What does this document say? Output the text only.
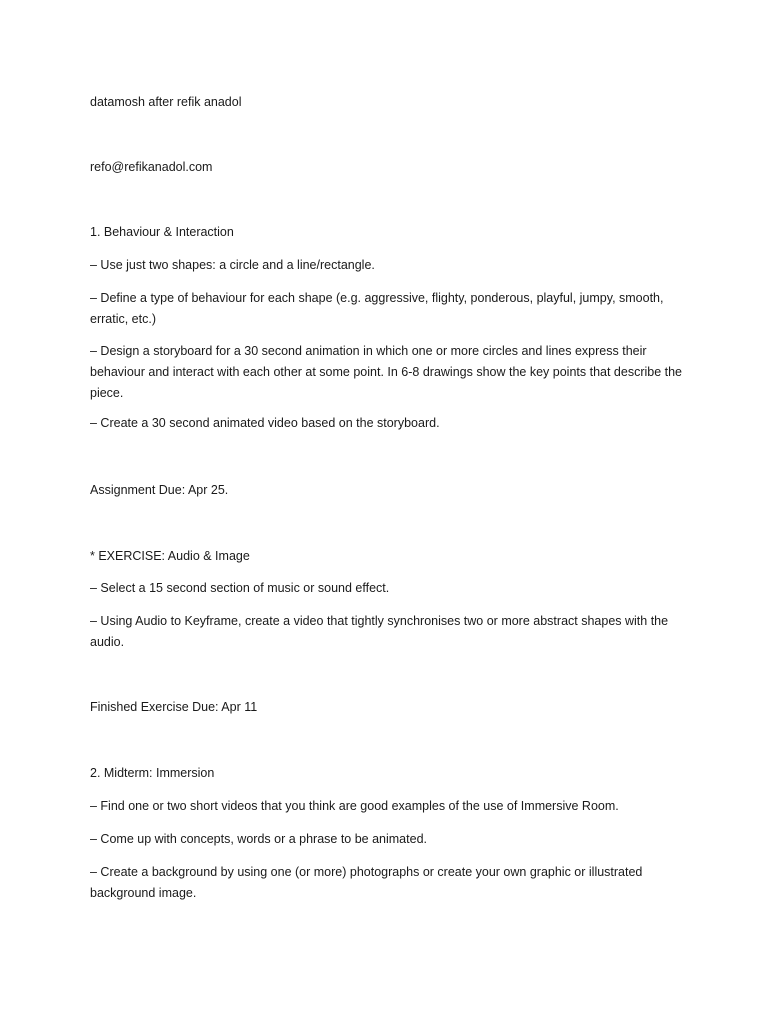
datamosh after refik anadol

refo@refikanadol.com

1. Behaviour & Interaction

– Use just two shapes: a circle and a line/rectangle.

– Define a type of behaviour for each shape (e.g. aggressive, flighty, ponderous, playful, jumpy, smooth, erratic, etc.)

– Design a storyboard for a 30 second animation in which one or more circles and lines express their behaviour and interact with each other at some point. In 6-8 drawings show the key points that describe the piece.

– Create a 30 second animated video based on the storyboard.

Assignment Due: Apr 25.

* EXERCISE: Audio & Image

– Select a 15 second section of music or sound effect.

– Using Audio to Keyframe, create a video that tightly synchronises two or more abstract shapes with the audio.

Finished Exercise Due: Apr 11

2. Midterm: Immersion

– Find one or two short videos that you think are good examples of the use of Immersive Room.

– Come up with concepts, words or a phrase to be animated.

– Create a background by using one (or more) photographs or create your own graphic or illustrated background image.
